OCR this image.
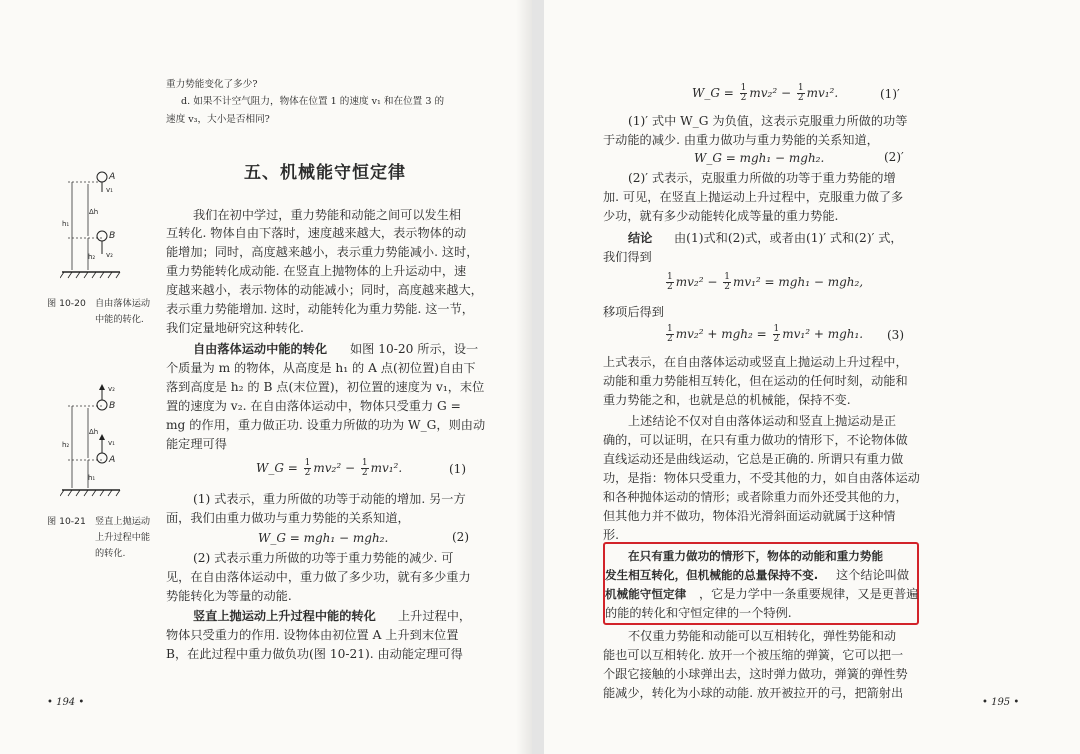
重力势能变化了多少?
d. 如果不计空气阻力，物体在位置 1 的速度 v₁ 和在位置 3 的
速度 v₃，大小是否相同?
五、机械能守恒定律
我们在初中学过，重力势能和动能之间可以发生相
互转化. 物体自由下落时，速度越来越大，表示物体的动
能增加；同时，高度越来越小，表示重力势能减小. 这时，
重力势能转化成动能. 在竖直上抛物体的上升运动中，速
度越来越小，表示物体的动能减小；同时，高度越来越大，
表示重力势能增加. 这时，动能转化为重力势能. 这一节，
我们定量地研究这种转化.
自由落体运动中能的转化 如图 10-20 所示，设一
个质量为 m 的物体，从高度是 h₁ 的 A 点(初位置)自由下
落到高度是 h₂ 的 B 点(末位置)，初位置的速度为 v₁，末位
置的速度为 v₂. 在自由落体运动中，物体只受重力 G =
mg 的作用，重力做正功. 设重力所做的功为 W_G，则由动
能定理可得
W_G = $\frac{1}{2} mv_2^2 - \frac{1}{2} mv_1^2$.	(1)
(1) 式表示，重力所做的功等于动能的增加. 另一方
面，我们由重力做功与重力势能的关系知道，
W_G = mgh₁ − mgh₂.	(2)
(2) 式表示重力所做的功等于重力势能的减少. 可
见，在自由落体运动中，重力做了多少功，就有多少重力
势能转化为等量的动能.
竖直上抛运动上升过程中能的转化 上升过程中，
物体只受重力的作用. 设物体由初位置 A 上升到末位置
B，在此过程中重力做负功(图 10-21). 由动能定理可得
A
v₁
B
v₂
Δh
h₁
h₂
图 10-20 自由落体运动
中能的转化.
v₂
B
v₁
A
Δh
h₂
h₁
图 10-21 竖直上抛运动
上升过程中能
的转化.
• 194 •
W_G = $\frac{1}{2} mv_2^2 - \frac{1}{2} mv_1^2$.	(1)′
(1)′ 式中 W_G 为负值，这表示克服重力所做的功等
于动能的减少. 由重力做功与重力势能的关系知道，
W_G = mgh₁ − mgh₂.	(2)′
(2)′ 式表示，克服重力所做的功等于重力势能的增
加. 可见，在竖直上抛运动上升过程中，克服重力做了多
少功，就有多少动能转化成等量的重力势能.
结论 由(1)式和(2)式，或者由(1)′ 式和(2)′ 式，
我们得到
$\frac{1}{2} mv_2^2 - \frac{1}{2} mv_1^2 = mgh_1 - mgh_2$,
移项后得到
$\frac{1}{2} mv_2^2 + mgh_2 = \frac{1}{2} mv_1^2 + mgh_1$. (3)
上式表示，在自由落体运动或竖直上抛运动上升过程中，
动能和重力势能相互转化，但在运动的任何时刻，动能和
重力势能之和，也就是总的机械能，保持不变.
上述结论不仅对自由落体运动和竖直上抛运动是正
确的，可以证明，在只有重力做功的情形下，不论物体做
直线运动还是曲线运动，它总是正确的. 所谓只有重力做
功，是指：物体只受重力，不受其他的力，如自由落体运动
和各种抛体运动的情形；或者除重力而外还受其他的力，
但其他力并不做功，物体沿光滑斜面运动就属于这种情
形.
在只有重力做功的情形下，物体的动能和重力势能
发生相互转化，但机械能的总量保持不变. 这个结论叫做
机械能守恒定律 ，它是力学中一条重要规律，又是更普遍
的能的转化和守恒定律的一个特例.
不仅重力势能和动能可以互相转化，弹性势能和动
能也可以互相转化. 放开一个被压缩的弹簧，它可以把一
个跟它接触的小球弹出去，这时弹力做功，弹簧的弹性势
能减少，转化为小球的动能. 放开被拉开的弓，把箭射出
• 195 •
